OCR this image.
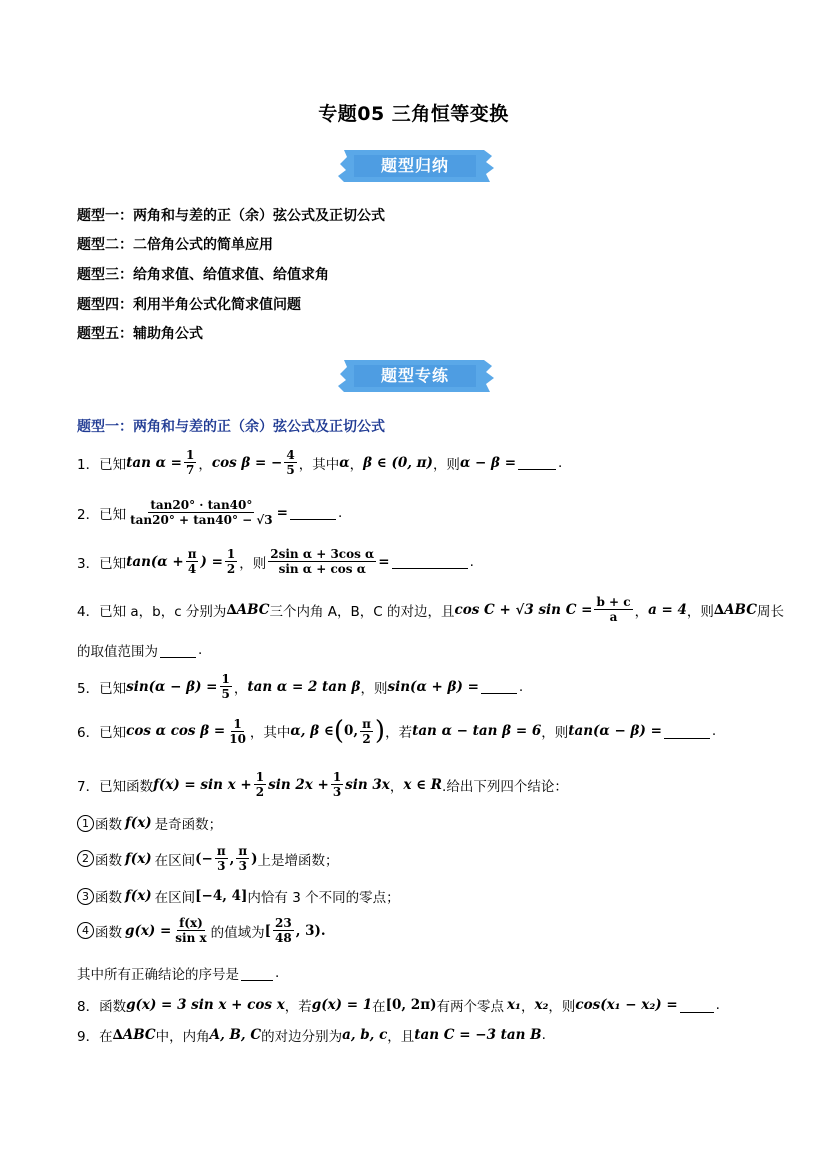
专题05 三角恒等变换
题型归纳
题型一：两角和与差的正（余）弦公式及正切公式
题型二：二倍角公式的简单应用
题型三：给角求值、给值求值、给值求角
题型四：利用半角公式化简求值问题
题型五：辅助角公式
题型专练
题型一：两角和与差的正（余）弦公式及正切公式
1．已知 $\tan \alpha = \frac{1}{7}$ ， cos β = − $\frac{4}{5}$ ，其中 α ， β ∈ (0, π) ，则 α − β =	.
2．已知 $\frac{\tan 20^\circ \cdot \tan 40^\circ}{\tan 20^\circ + \tan 40^\circ - √3}$ =	.
3．已知 $\tan(\alpha + \frac{\pi}{4}$ ) = $\frac{1}{2}$ ，则 $\frac{\text{2sin α + 3cos α}}{\text{sin α + cos α}}$ =	.
4．已知 a，b，c 分别为 ∆ABC 三个内角 A，B，C 的对边，且 cos C + √3 $\sin C = \frac{b + c}{a}$ ， a = 4 ，则 ∆ABC 周长
的取值范围为	.
5．已知 $\sin(\alpha - \beta) = \frac{1}{5}$ ， tan α = 2 tan β ，则 sin(α + β) =	.
6．已知 cos α $\cos \beta = \frac{1}{10}$ ，其中 α, β ∈ ( 0, $\frac{\pi}{2}$ ) ，若 tan α − tan β = 6 ，则 tan(α − β) =	.
7．已知函数 $f(x) = \sin x + \frac{1}{2}$ $\sin 2x + \frac{1}{3}$ sin 3x ， x ∈ R .给出下列四个结论：
1 函数 f(x) 是奇函数；
2 函数 f(x) 在区间 (− $\frac{\pi}{3}$ , $\frac{\pi}{3}$ ) 上是增函数；
3 函数 f(x) 在区间 [−4, 4] 内恰有 3 个不同的零点；
4 函数 $g(x) = \frac{f(x)}{\text{sin x}}$ 的值域为 [ $\frac{23}{48}$ , 3).
其中所有正确结论的序号是	.
8．函数 g(x) = 3 sin x + cos x ，若 g(x) = 1 在 [0, 2π) 有两个零点 x₁ ， x₂ ，则 cos(x₁ − x₂) =	.
9．在 ∆ABC 中，内角 A, B, C 的对边分别为 a, b, c ，且 tan C = −3 tan B .
